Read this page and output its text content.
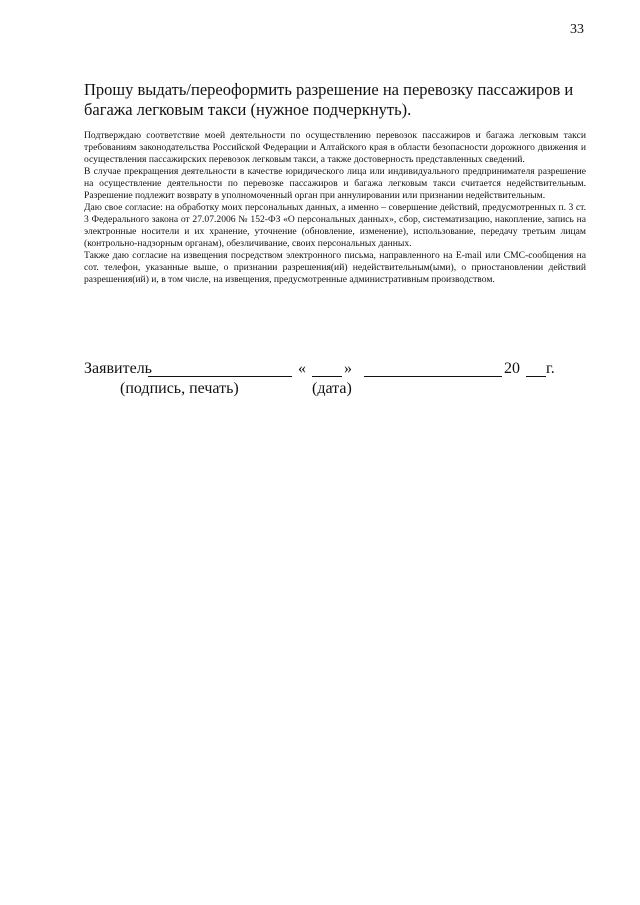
33
Прошу выдать/переоформить разрешение на перевозку пассажиров и багажа легковым такси (нужное подчеркнуть).

Подтверждаю соответствие моей деятельности по осуществлению перевозок пассажиров и багажа легковым такси требованиям законодательства Российской Федерации и Алтайского края в области безопасности дорожного движения и осуществления пассажирских перевозок легковым такси, а также достоверность представленных сведений.

В случае прекращения деятельности в качестве юридического лица или индивидуального предпринимателя разрешение на осуществление деятельности по перевозке пассажиров и багажа легковым такси считается недействительным. Разрешение подлежит возврату в уполномоченный орган при аннулировании или признании недействительным.

Даю свое согласие: на обработку моих персональных данных, а именно – совершение действий, предусмотренных п. 3 ст. 3 Федерального закона от 27.07.2006 № 152-ФЗ «О персональных данных», сбор, систематизацию, накопление, запись на электронные носители и их хранение, уточнение (обновление, изменение), использование, передачу третьим лицам (контрольно-надзорным органам), обезличивание, своих персональных данных.

Также даю согласие на извещения посредством электронного письма, направленного на E-mail или СМС-сообщения на сот. телефон, указанные выше, о признании разрешения(ий) недействительным(ыми), о приостановлении действий разрешения(ий) и, в том числе, на извещения, предусмотренные административным производством.

Заявитель	« »	20 г.
(подпись, печать)	(дата)
